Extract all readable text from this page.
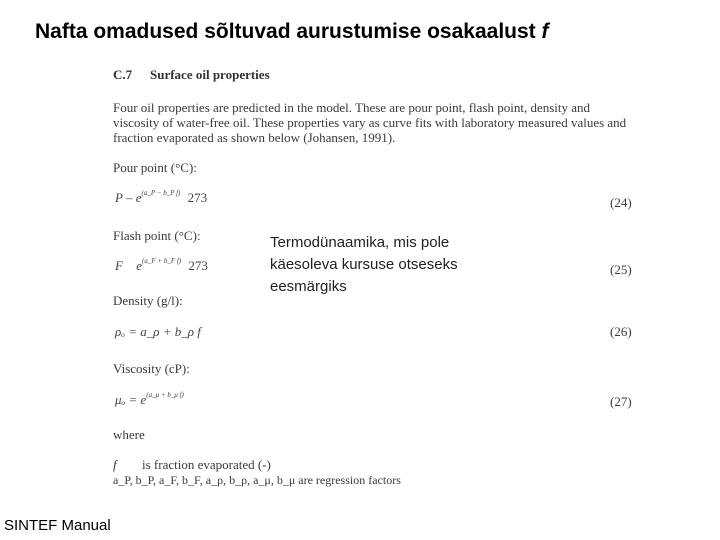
Nafta omadused sõltuvad aurustumise osakaalust f
C.7 Surface oil properties
Four oil properties are predicted in the model. These are pour point, flash point, density and viscosity of water-free oil. These properties vary as curve fits with laboratory measured values and fraction evaporated as shown below (Johansen, 1991).
Pour point (°C):
P – $e^{(a\_P - b\_P f)}$ 273	(24)
Flash point (°C):
F $e^{(a\_F + b\_F f)}$ 273	(25)
Density (g/l):
ρₒ = a_ρ + b_ρ f	(26)
Viscosity (cP):
$\mu_o = e^{(a\_\mu + b\_\mu f)}$	(27)
where
f is fraction evaporated (-)
a_P, b_P, a_F, b_F, a_ρ, b_ρ, a_μ, b_μ are regression factors
Termodünaamika, mis pole
käesoleva kursuse otseseks
eesmärgiks
SINTEF Manual
